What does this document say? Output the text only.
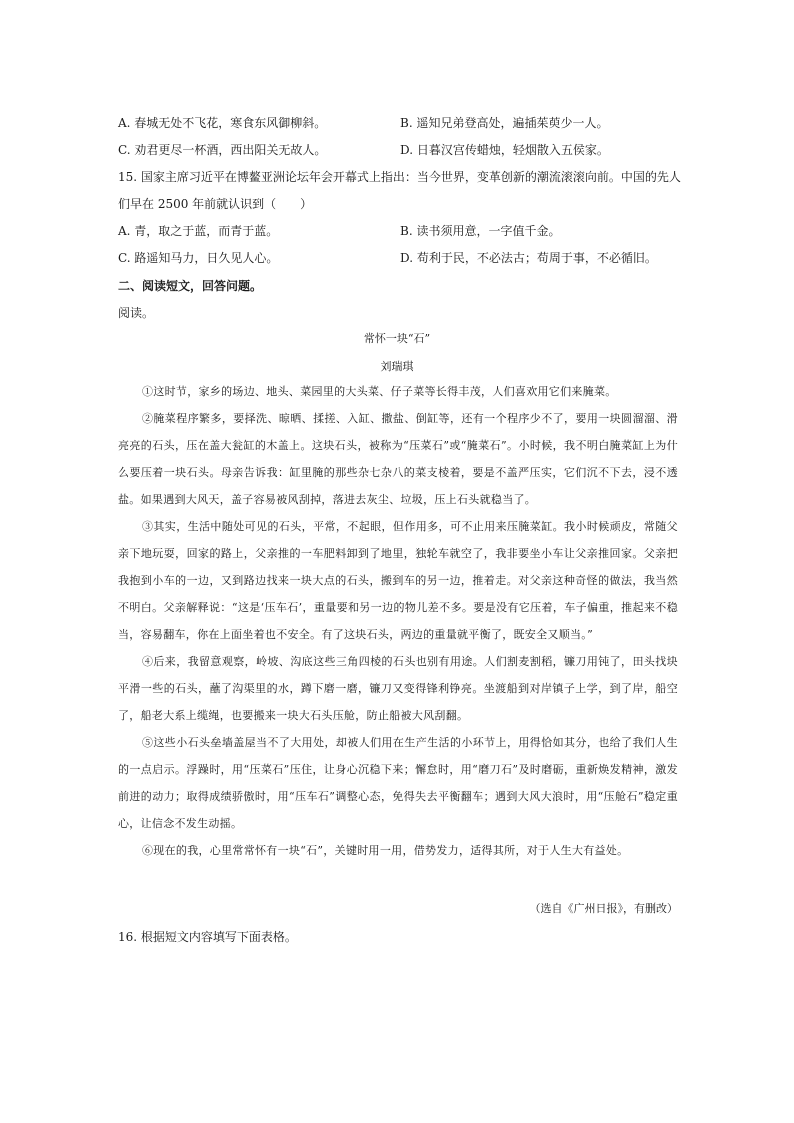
A. 春城无处不飞花，寒食东风御柳斜。	B. 遥知兄弟登高处，遍插茱萸少一人。
C. 劝君更尽一杯酒，西出阳关无故人。	D. 日暮汉宫传蜡烛，轻烟散入五侯家。
15. 国家主席习近平在博鳌亚洲论坛年会开幕式上指出：当今世界，变革创新的潮流滚滚向前。中国的先人
们早在 2500 年前就认识到（　　）
A. 青，取之于蓝，而青于蓝。	B. 读书须用意，一字值千金。
C. 路遥知马力，日久见人心。	D. 苟利于民，不必法古；苟周于事，不必循旧。
二、阅读短文，回答问题。
阅读。
常怀一块“石”
刘瑞琪

①这时节，家乡的场边、地头、菜园里的大头菜、仔子菜等长得丰茂，人们喜欢用它们来腌菜。

②腌菜程序繁多，要择洗、晾晒、揉搓、入缸、撒盐、倒缸等，还有一个程序少不了，要用一块圆溜溜、滑亮亮的石头，压在盖大瓮缸的木盖上。这块石头，被称为“压菜石”或“腌菜石”。小时候，我不明白腌菜缸上为什么要压着一块石头。母亲告诉我：缸里腌的那些杂七杂八的菜支棱着，要是不盖严压实，它们沉不下去，浸不透盐。如果遇到大风天，盖子容易被风刮掉，落进去灰尘、垃圾，压上石头就稳当了。

③其实，生活中随处可见的石头，平常，不起眼，但作用多，可不止用来压腌菜缸。我小时候顽皮，常随父亲下地玩耍，回家的路上，父亲推的一车肥料卸到了地里，独轮车就空了，我非要坐小车让父亲推回家。父亲把我抱到小车的一边，又到路边找来一块大点的石头，搬到车的另一边，推着走。对父亲这种奇怪的做法，我当然不明白。父亲解释说：“这是‘压车石’，重量要和另一边的物儿差不多。要是没有它压着，车子偏重，推起来不稳当，容易翻车，你在上面坐着也不安全。有了这块石头，两边的重量就平衡了，既安全又顺当。”

④后来，我留意观察，岭坡、沟底这些三角四棱的石头也别有用途。人们割麦割稻，镰刀用钝了，田头找块平滑一些的石头，蘸了沟渠里的水，蹲下磨一磨，镰刀又变得锋利铮亮。坐渡船到对岸镇子上学，到了岸，船空了，船老大系上缆绳，也要搬来一块大石头压舱，防止船被大风刮翻。

⑤这些小石头垒墙盖屋当不了大用处，却被人们用在生产生活的小环节上，用得恰如其分，也给了我们人生的一点启示。浮躁时，用“压菜石”压住，让身心沉稳下来；懈怠时，用“磨刀石”及时磨砺，重新焕发精神，激发前进的动力；取得成绩骄傲时，用“压车石”调整心态，免得失去平衡翻车；遇到大风大浪时，用“压舱石”稳定重心，让信念不发生动摇。

⑥现在的我，心里常常怀有一块“石”，关键时用一用，借势发力，适得其所，对于人生大有益处。

（选自《广州日报》，有删改）
16. 根据短文内容填写下面表格。
